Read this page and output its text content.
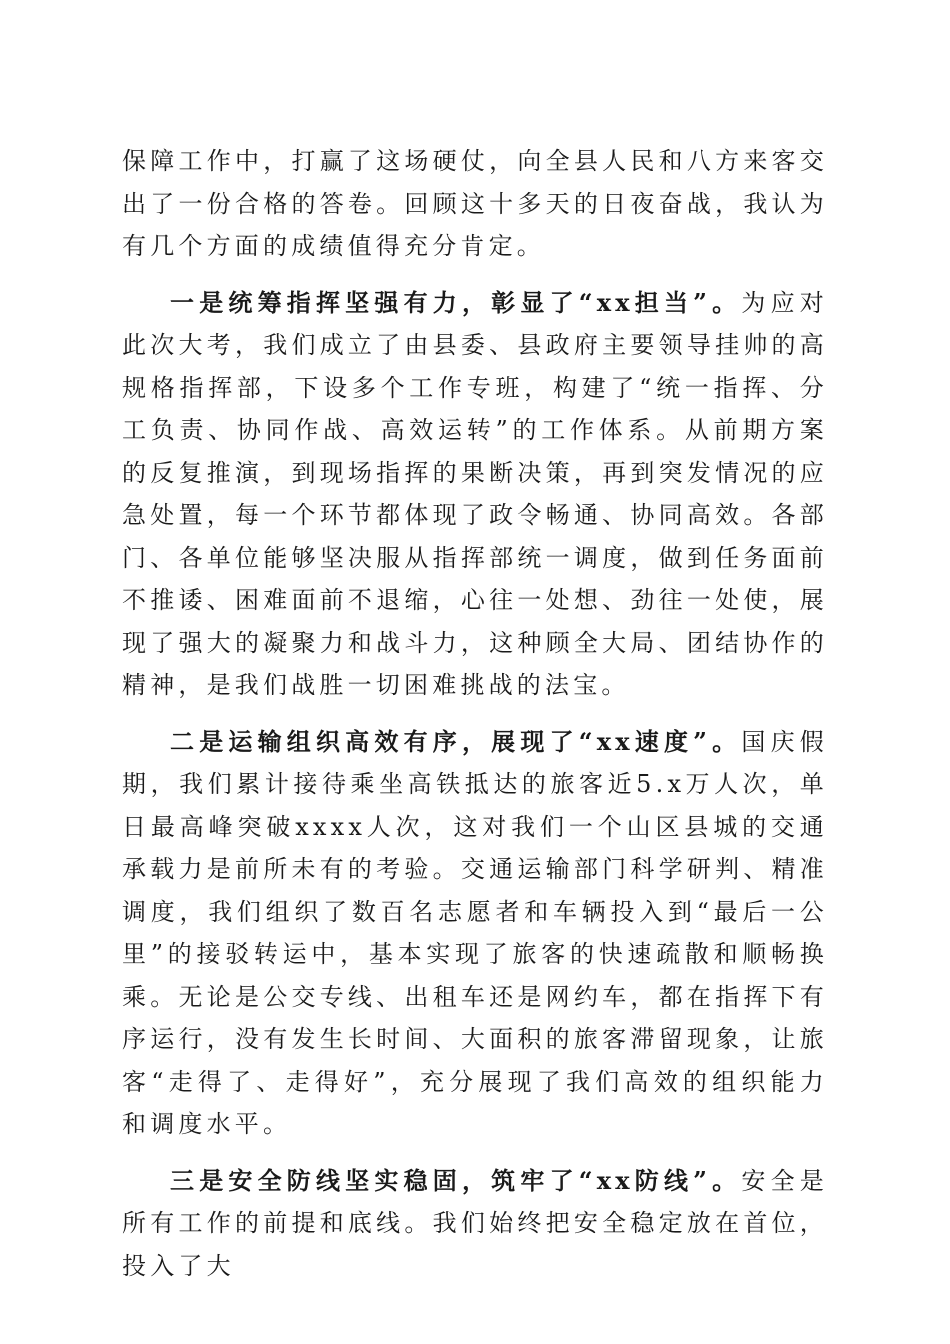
保障工作中，打赢了这场硬仗，向全县人民和八方来客交出了一份合格的答卷。回顾这十多天的日夜奋战，我认为有几个方面的成绩值得充分肯定。

一是统筹指挥坚强有力，彰显了“xx担当”。为应对此次大考，我们成立了由县委、县政府主要领导挂帅的高规格指挥部，下设多个工作专班，构建了“统一指挥、分工负责、协同作战、高效运转”的工作体系。从前期方案的反复推演，到现场指挥的果断决策，再到突发情况的应急处置，每一个环节都体现了政令畅通、协同高效。各部门、各单位能够坚决服从指挥部统一调度，做到任务面前不推诿、困难面前不退缩，心往一处想、劲往一处使，展现了强大的凝聚力和战斗力，这种顾全大局、团结协作的精神，是我们战胜一切困难挑战的法宝。

二是运输组织高效有序，展现了“xx速度”。国庆假期，我们累计接待乘坐高铁抵达的旅客近5.x万人次，单日最高峰突破xxxx人次，这对我们一个山区县城的交通承载力是前所未有的考验。交通运输部门科学研判、精准调度，我们组织了数百名志愿者和车辆投入到“最后一公里”的接驳转运中，基本实现了旅客的快速疏散和顺畅换乘。无论是公交专线、出租车还是网约车，都在指挥下有序运行，没有发生长时间、大面积的旅客滞留现象，让旅客“走得了、走得好”，充分展现了我们高效的组织能力和调度水平。

三是安全防线坚实稳固，筑牢了“xx防线”。安全是所有工作的前提和底线。我们始终把安全稳定放在首位，投入了大
